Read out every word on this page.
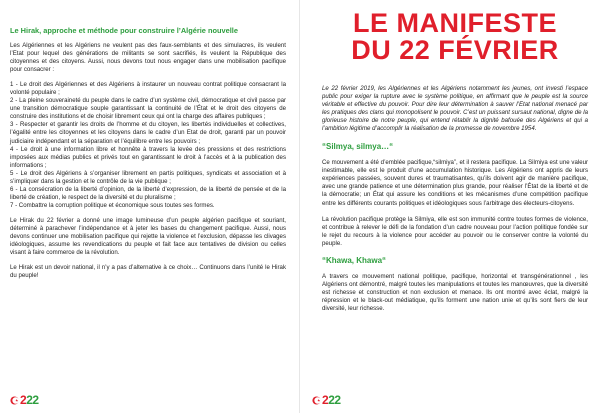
Le Hirak, approche et méthode pour construire l’Algérie nouvelle

Les Algériennes et les Algériens ne veulent pas des faux-semblants et des simulacres, ils veulent l’Etat pour lequel des générations de militants se sont sacrifiés, ils veulent la République des citoyennes et des citoyens. Aussi, nous devons tout nous engager dans une mobilisation pacifique pour consacrer :

1 - Le droit des Algériennes et des Algériens à instaurer un nouveau contrat politique consacrant la volonté populaire ;

2 - La pleine souveraineté du peuple dans le cadre d’un système civil, démocratique et civil passe par une transition démocratique souple garantissant la continuité de l’État et le droit des citoyens de construire des institutions et de choisir librement ceux qui ont la charge des affaires publiques ;

3 - Respecter et garantir les droits de l’homme et du citoyen, les libertés individuelles et collectives, l’égalité entre les citoyennes et les citoyens dans le cadre d’un Etat de droit, garanti par un pouvoir judiciaire indépendant et la séparation et l’équilibre entre les pouvoirs ;

4 - Le droit à une information libre et honnête à travers la levée des pressions et des restrictions imposées aux médias publics et privés tout en garantissant le droit à l’accès et à la publication des informations ;

5 - Le droit des Algériens à s’organiser librement en partis politiques, syndicats et association et à s’impliquer dans la gestion et le contrôle de la vie publique ;

6 - La consécration de la liberté d’opinion, de la liberté d’expression, de la liberté de pensée et de la liberté de création, le respect de la diversité et du pluralisme ;

7 - Combattre la corruption politique et économique sous toutes ses formes.

Le Hirak du 22 février a donné une image lumineuse d’un peuple algérien pacifique et souriant, déterminé à parachever l’indépendance et à jeter les bases du changement pacifique. Aussi, nous devons continuer une mobilisation pacifique qui rejette la violence et l’exclusion, dépasse les clivages idéologiques, assume les revendications du peuple et fait face aux tentatives de division ou celles visant à faire commerce de la révolution.

Le Hirak est un devoir national, il n’y a pas d’alternative à ce choix… Continuons dans l’unité le Hirak du peuple!

2 22
LE MANIFESTE
DU 22 FÉVRIER

Le 22 février 2019, les Algériennes et les Algériens notamment les jeunes, ont investi l’espace public pour exiger la rupture avec le système politique, en affirmant que le peuple est la source véritable et effective du pouvoir. Pour dire leur détermination à sauver l’Etat national menacé par les pratiques des clans qui monopolisent le pouvoir. C’est un puissant sursaut national, digne de la glorieuse histoire de notre peuple, qui entend rétablir la dignité bafouée des Algériens et qui a l’ambition légitime d’accomplir la réalisation de la promesse de novembre 1954.

“Silmya, silmya…“

Ce mouvement a été d’emblée pacifique,“silmiya”, et il restera pacifique. La Silmiya est une valeur inestimable, elle est le produit d’une accumulation historique. Les Algériens ont appris de leurs expériences passées, souvent dures et traumatisantes, qu’ils doivent agir de manière pacifique, avec une grande patience et une détermination plus grande, pour réaliser l’État de la liberté et de la démocratie; un État qui assure les conditions et les mécanismes d’une compétition pacifique entre les différents courants politiques et idéologiques sous l’arbitrage des électeurs-citoyens.

La révolution pacifique protège la Silmiya, elle est son immunité contre toutes formes de violence, et contribue à relever le défi de la fondation d’un cadre nouveau pour l’action politique fondée sur le rejet du recours à la violence pour accéder au pouvoir ou le conserver contre la volonté du peuple.

“Khawa, Khawa“

A travers ce mouvement national politique, pacifique, horizontal et transgénérationnel , les Algériens ont démontré, malgré toutes les manipulations et toutes les manœuvres, que la diversité est richesse et construction et non exclusion et menace. Ils ont montré avec éclat, malgré la répression et le black-out médiatique, qu’ils forment une nation unie et qu’ils sont fiers de leur diversité, leur richesse.

2 22
